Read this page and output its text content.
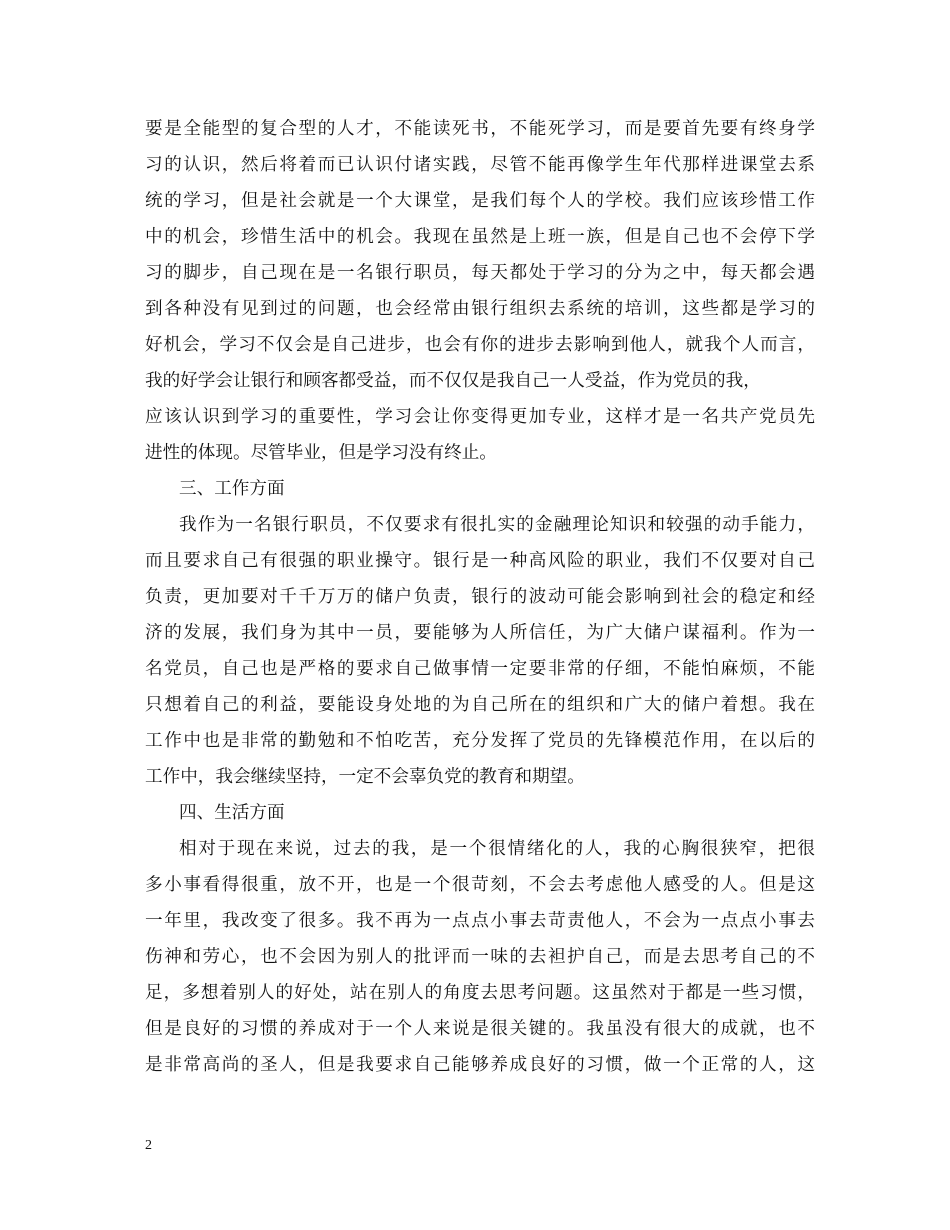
要是全能型的复合型的人才，不能读死书，不能死学习，而是要首先要有终身学
习的认识，然后将着而已认识付诸实践，尽管不能再像学生年代那样进课堂去系
统的学习，但是社会就是一个大课堂，是我们每个人的学校。我们应该珍惜工作
中的机会，珍惜生活中的机会。我现在虽然是上班一族，但是自己也不会停下学
习的脚步，自己现在是一名银行职员，每天都处于学习的分为之中，每天都会遇
到各种没有见到过的问题，也会经常由银行组织去系统的培训，这些都是学习的
好机会，学习不仅会是自己进步，也会有你的进步去影响到他人，就我个人而言，
我的好学会让银行和顾客都受益，而不仅仅是我自己一人受益，作为党员的我，
应该认识到学习的重要性，学习会让你变得更加专业，这样才是一名共产党员先
进性的体现。尽管毕业，但是学习没有终止。
三、工作方面
我作为一名银行职员，不仅要求有很扎实的金融理论知识和较强的动手能力，
而且要求自己有很强的职业操守。银行是一种高风险的职业，我们不仅要对自己
负责，更加要对千千万万的储户负责，银行的波动可能会影响到社会的稳定和经
济的发展，我们身为其中一员，要能够为人所信任，为广大储户谋福利。作为一
名党员，自己也是严格的要求自己做事情一定要非常的仔细，不能怕麻烦，不能
只想着自己的利益，要能设身处地的为自己所在的组织和广大的储户着想。我在
工作中也是非常的勤勉和不怕吃苦，充分发挥了党员的先锋模范作用，在以后的
工作中，我会继续坚持，一定不会辜负党的教育和期望。
四、生活方面
相对于现在来说，过去的我，是一个很情绪化的人，我的心胸很狭窄，把很
多小事看得很重，放不开，也是一个很苛刻，不会去考虑他人感受的人。但是这
一年里，我改变了很多。我不再为一点点小事去苛责他人，不会为一点点小事去
伤神和劳心，也不会因为别人的批评而一味的去袒护自己，而是去思考自己的不
足，多想着别人的好处，站在别人的角度去思考问题。这虽然对于都是一些习惯，
但是良好的习惯的养成对于一个人来说是很关键的。我虽没有很大的成就，也不
是非常高尚的圣人，但是我要求自己能够养成良好的习惯，做一个正常的人，这
2
